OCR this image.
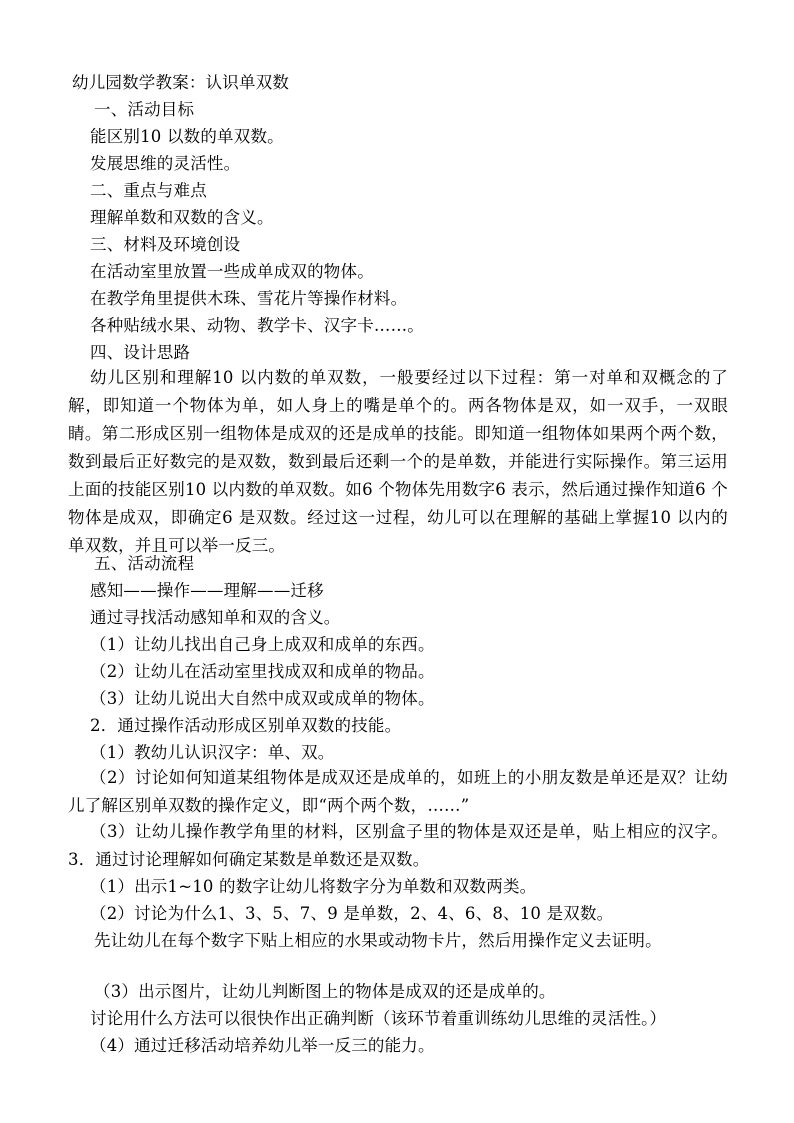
幼儿园数学教案：认识单双数

一、活动目标

能区别10 以数的单双数。

发展思维的灵活性。

二、重点与难点

理解单数和双数的含义。

三、材料及环境创设

在活动室里放置一些成单成双的物体。

在教学角里提供木珠、雪花片等操作材料。

各种贴绒水果、动物、教学卡、汉字卡……。

四、设计思路

幼儿区别和理解10 以内数的单双数，一般要经过以下过程：第一对单和双概念的了解，即知道一个物体为单，如人身上的嘴是单个的。两各物体是双，如一双手，一双眼睛。第二形成区别一组物体是成双的还是成单的技能。即知道一组物体如果两个两个数，数到最后正好数完的是双数，数到最后还剩一个的是单数，并能进行实际操作。第三运用上面的技能区别10 以内数的单双数。如6 个物体先用数字6 表示，然后通过操作知道6 个物体是成双，即确定6 是双数。经过这一过程，幼儿可以在理解的基础上掌握10 以内的单双数，并且可以举一反三。

五、活动流程

感知——操作——理解——迁移

通过寻找活动感知单和双的含义。

（1）让幼儿找出自己身上成双和成单的东西。

（2）让幼儿在活动室里找成双和成单的物品。

（3）让幼儿说出大自然中成双或成单的物体。

2．通过操作活动形成区别单双数的技能。

（1）教幼儿认识汉字：单、双。

（2）讨论如何知道某组物体是成双还是成单的，如班上的小朋友数是单还是双？让幼儿了解区别单双数的操作定义，即“两个两个数，……”

（3）让幼儿操作教学角里的材料，区别盒子里的物体是双还是单，贴上相应的汉字。 3．通过讨论理解如何确定某数是单数还是双数。

（1）出示1~10 的数字让幼儿将数字分为单数和双数两类。

（2）讨论为什么1、3、5、7、9 是单数，2、4、6、8、10 是双数。

先让幼儿在每个数字下贴上相应的水果或动物卡片，然后用操作定义去证明。

（3）出示图片，让幼儿判断图上的物体是成双的还是成单的。

讨论用什么方法可以很快作出正确判断（该环节着重训练幼儿思维的灵活性。）

（4）通过迁移活动培养幼儿举一反三的能力。
